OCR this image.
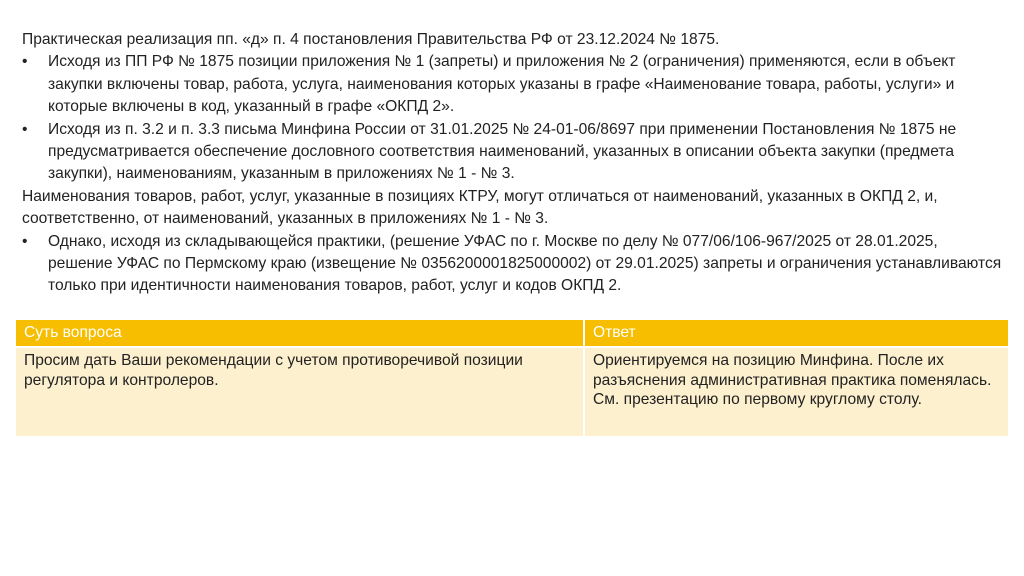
Практическая реализация пп. «д» п. 4 постановления Правительства РФ от 23.12.2024 № 1875.

•	Исходя из ПП РФ № 1875 позиции приложения № 1 (запреты) и приложения № 2 (ограничения) применяются, если в объект закупки включены товар, работа, услуга, наименования которых указаны в графе «Наименование товара, работы, услуги» и которые включены в код, указанный в графе «ОКПД 2».
•	Исходя из п. 3.2 и п. 3.3 письма Минфина России от 31.01.2025 № 24-01-06/8697 при применении Постановления № 1875 не предусматривается обеспечение дословного соответствия наименований, указанных в описании объекта закупки (предмета закупки), наименованиям, указанным в приложениях № 1 - № 3.

Наименования товаров, работ, услуг, указанные в позициях КТРУ, могут отличаться от наименований, указанных в ОКПД 2, и, соответственно, от наименований, указанных в приложениях № 1 - № 3.

•	Однако, исходя из складывающейся практики, (решение УФАС по г. Москве по делу № 077/06/106-967/2025 от 28.01.2025, решение УФАС по Пермскому краю (извещение № 0356200001825000002) от 29.01.2025) запреты и ограничения устанавливаются только при идентичности наименования товаров, работ, услуг и кодов ОКПД 2.
Суть вопроса	Ответ
Просим дать Ваши рекомендации с учетом противоречивой позиции регулятора и контролеров.	Ориентируемся на позицию Минфина. После их разъяснения административная практика поменялась. См. презентацию по первому круглому столу.
